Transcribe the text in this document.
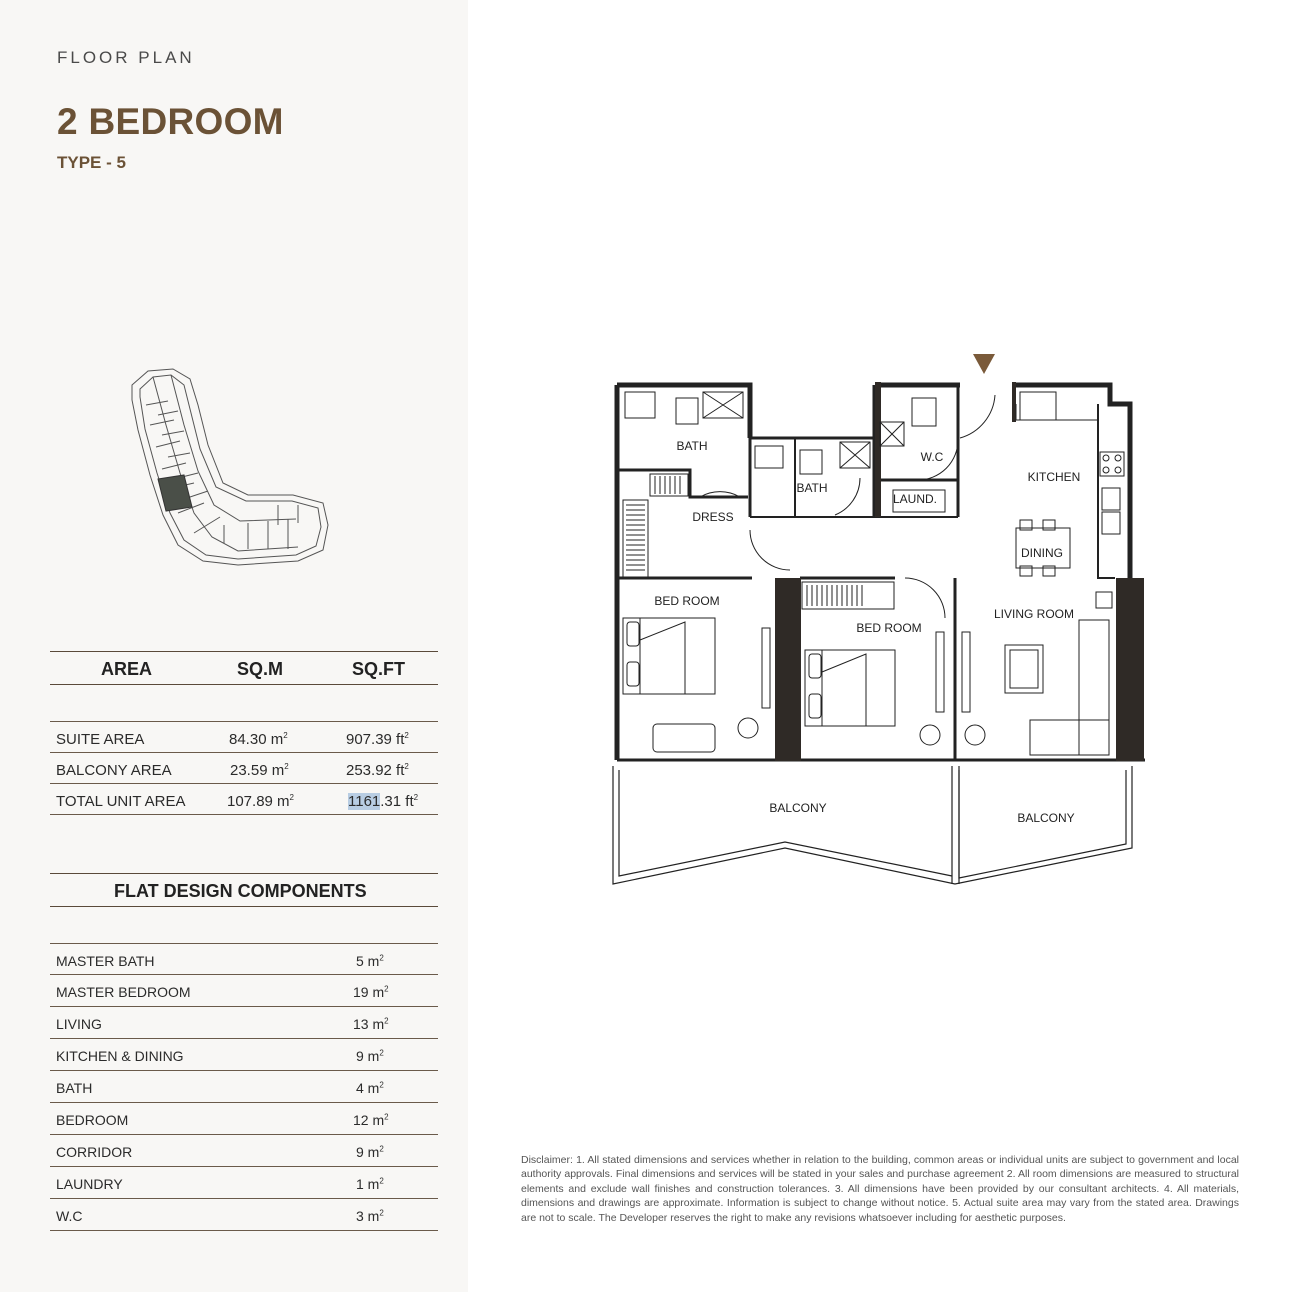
FLOOR PLAN
2 BEDROOM
TYPE - 5
AREA	SQ.M	SQ.FT
SUITE AREA	84.30 $m^2$	907.39 $ft^2$
BALCONY AREA	23.59 $m^2$	253.92 $ft^2$
TOTAL UNIT AREA	107.89 $m^2$	1161.31 $ft^2$
FLAT DESIGN COMPONENTS
MASTER BATH	5 $m^2$
MASTER BEDROOM	19 $m^2$
LIVING	13 $m^2$
KITCHEN & DINING	9 $m^2$
BATH	4 $m^2$
BEDROOM	12 $m^2$
CORRIDOR	9 $m^2$
LAUNDRY	1 $m^2$
W.C	3 $m^2$
BATH
BATH
W.C
KITCHEN
LAUND.
DRESS
DINING
BED ROOM
BED ROOM
LIVING ROOM
BALCONY
BALCONY
Disclaimer: 1. All stated dimensions and services whether in relation to the building, common areas or individual units are subject to government and local authority approvals. Final dimensions and services will be stated in your sales and purchase agreement 2. All room dimensions are measured to structural elements and exclude wall finishes and construction tolerances. 3. All dimensions have been provided by our consultant architects. 4. All materials, dimensions and drawings are approximate. Information is subject to change without notice. 5. Actual suite area may vary from the stated area. Drawings are not to scale. The Developer reserves the right to make any revisions whatsoever including for aesthetic purposes.
